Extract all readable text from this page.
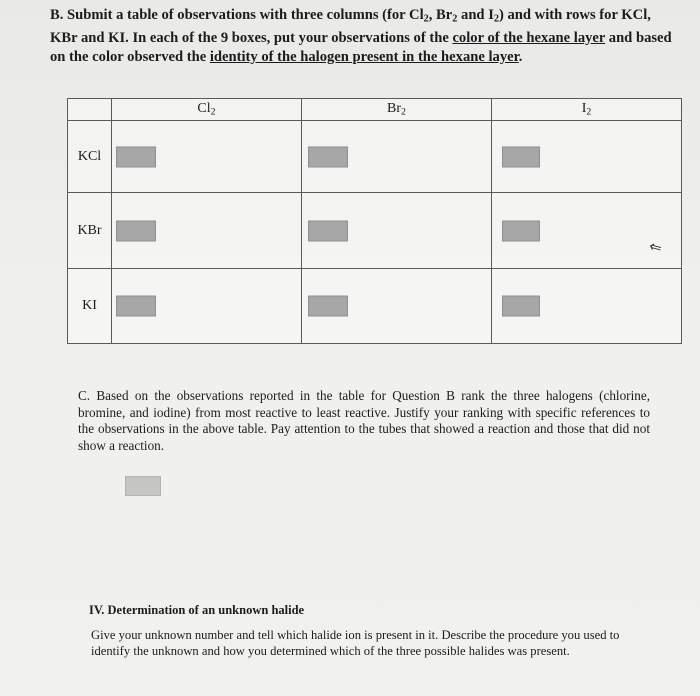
B. Submit a table of observations with three columns (for $Cl_2$, $Br_2$ and $I_2$) and with rows for KCl, KBr and KI. In each of the 9 boxes, put your observations of the color of the hexane layer and based on the color observed the identity of the halogen present in the hexane layer.
	$Cl_2$	$Br_2$	$I_2$
KCl	

KBr	

KI	

⇖
C. Based on the observations reported in the table for Question B rank the three halogens (chlorine, bromine, and iodine) from most reactive to least reactive. Justify your ranking with specific references to the observations in the above table. Pay attention to the tubes that showed a reaction and those that did not show a reaction.
IV. Determination of an unknown halide
Give your unknown number and tell which halide ion is present in it. Describe the procedure you used to identify the unknown and how you determined which of the three possible halides was present.
